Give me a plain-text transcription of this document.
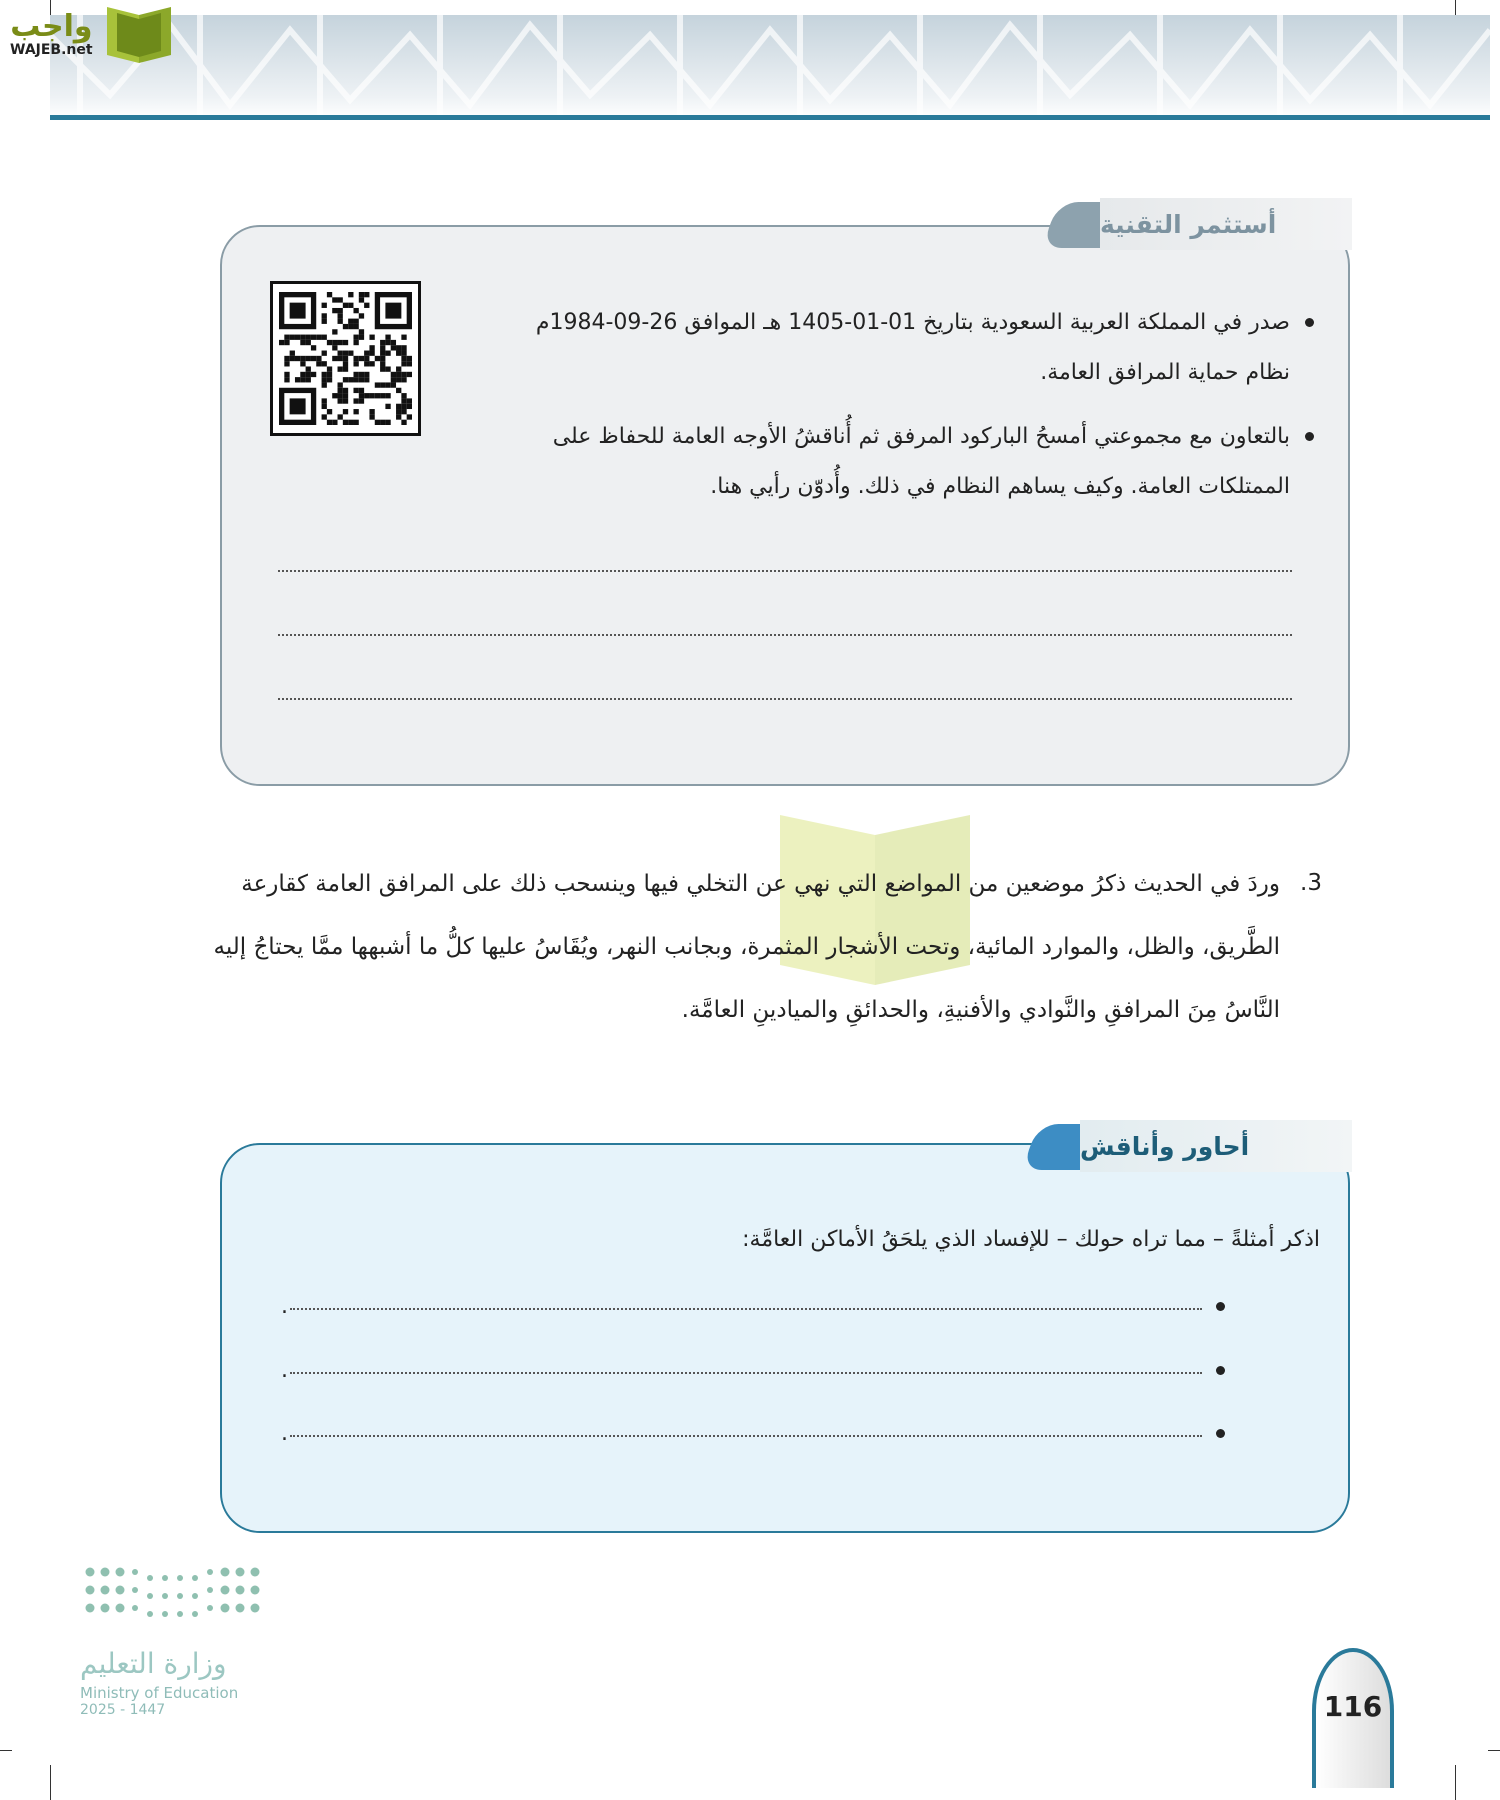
واجب
WAJEB.net
أستثمر التقنية
صدر في المملكة العربية السعودية بتاريخ 01-01-1405 هـ الموافق 26-09-1984م نظام حماية المرافق العامة.
بالتعاون مع مجموعتي أمسحُ الباركود المرفق ثم أُناقشُ الأوجه العامة للحفاظ على الممتلكات العامة. وكيف يساهم النظام في ذلك. وأُدوّن رأيي هنا.
3.
وردَ في الحديث ذكرُ موضعين من المواضع التي نهي عن التخلي فيها وينسحب ذلك على المرافق العامة كقارعة الطَّريق، والظل، والموارد المائية، وتحت الأشجار المثمرة، وبجانب النهر، ويُقَاسُ عليها كلُّ ما أشبهها ممَّا يحتاجُ إليه النَّاسُ مِنَ المرافقِ والنَّوادي والأفنيةِ، والحدائقِ والميادينِ العامَّة.
أحاور وأناقش
اذكر أمثلةً – مما تراه حولك – للإفساد الذي يلحَقُ الأماكن العامَّة:
.
.
.
وزارة التعليم
Ministry of Education
2025 - 1447	116
